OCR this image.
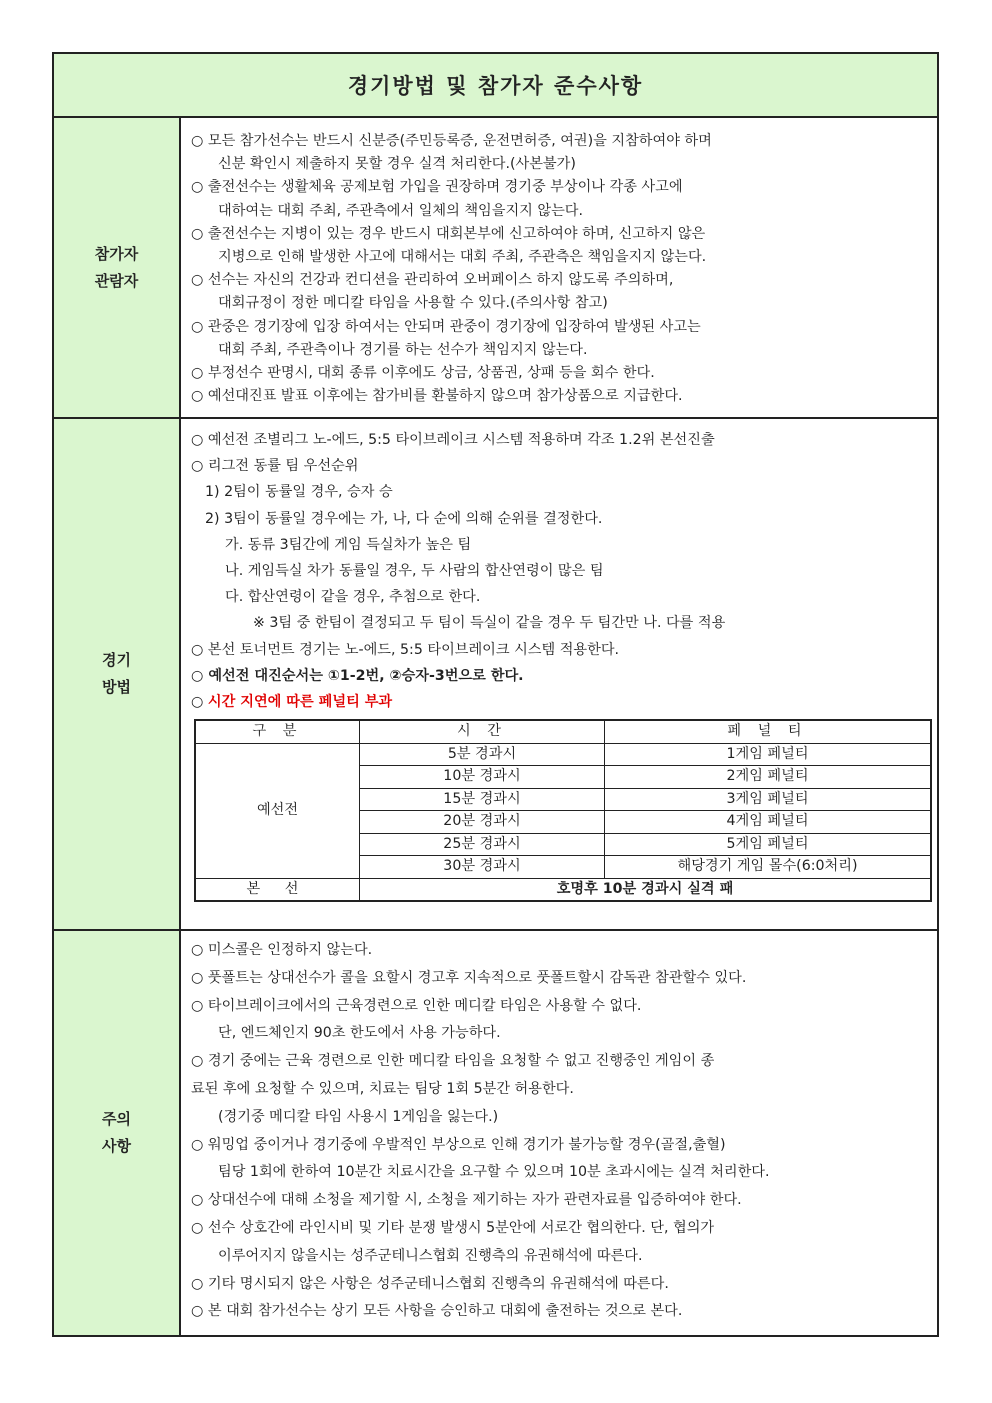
경기방법 및 참가자 준수사항
참가자
관람자
○ 모든 참가선수는 반드시 신분증(주민등록증, 운전면허증, 여권)을 지참하여야 하며
신분 확인시 제출하지 못할 경우 실격 처리한다.(사본불가)
○ 출전선수는 생활체육 공제보험 가입을 권장하며 경기중 부상이나 각종 사고에
대하여는 대회 주최, 주관측에서 일체의 책임을지지 않는다.
○ 출전선수는 지병이 있는 경우 반드시 대회본부에 신고하여야 하며, 신고하지 않은
지병으로 인해 발생한 사고에 대해서는 대회 주최, 주관측은 책임을지지 않는다.
○ 선수는 자신의 건강과 컨디션을 관리하여 오버페이스 하지 않도록 주의하며,
대회규정이 정한 메디칼 타임을 사용할 수 있다.(주의사항 참고)
○ 관중은 경기장에 입장 하여서는 안되며 관중이 경기장에 입장하여 발생된 사고는
대회 주최, 주관측이나 경기를 하는 선수가 책임지지 않는다.
○ 부정선수 판명시, 대회 종류 이후에도 상금, 상품권, 상패 등을 회수 한다.
○ 예선대진표 발표 이후에는 참가비를 환불하지 않으며 참가상품으로 지급한다.
경기
방법
○ 예선전 조별리그 노-에드, 5:5 타이브레이크 시스템 적용하며 각조 1.2위 본선진출
○ 리그전 동률 팀 우선순위
1) 2팀이 동률일 경우, 승자 승
2) 3팀이 동률일 경우에는 가, 나, 다 순에 의해 순위를 결정한다.
가. 동류 3팀간에 게임 득실차가 높은 팀
나. 게임득실 차가 동률일 경우, 두 사람의 합산연령이 많은 팀
다. 합산연령이 같을 경우, 추첨으로 한다.
※ 3팀 중 한팀이 결정되고 두 팀이 득실이 같을 경우 두 팀간만 나. 다를 적용
○ 본선 토너먼트 경기는 노-에드, 5:5 타이브레이크 시스템 적용한다.
○ 예선전 대진순서는 ①1-2번, ②승자-3번으로 한다.
○ 시간 지연에 따른 페널티 부과
구 분	시 간	페 널 티
예선전	5분 경과시	1게임 페널티
	10분 경과시	2게임 페널티
	15분 경과시	3게임 페널티
	20분 경과시	4게임 페널티
	25분 경과시	5게임 페널티
	30분 경과시	해당경기 게임 몰수(6:0처리)
본 선	호명후 10분 경과시 실격 패	
주의
사항
○ 미스콜은 인정하지 않는다.
○ 풋폴트는 상대선수가 콜을 요할시 경고후 지속적으로 풋폴트할시 감독관 참관할수 있다.
○ 타이브레이크에서의 근육경련으로 인한 메디칼 타임은 사용할 수 없다.
단, 엔드체인지 90초 한도에서 사용 가능하다.
○ 경기 중에는 근육 경련으로 인한 메디칼 타임을 요청할 수 없고 진행중인 게임이 종
료된 후에 요청할 수 있으며, 치료는 팀당 1회 5분간 허용한다.
(경기중 메디칼 타임 사용시 1게임을 잃는다.)
○ 워밍업 중이거나 경기중에 우발적인 부상으로 인해 경기가 불가능할 경우(골절,출혈)
팀당 1회에 한하여 10분간 치료시간을 요구할 수 있으며 10분 초과시에는 실격 처리한다.
○ 상대선수에 대해 소청을 제기할 시, 소청을 제기하는 자가 관련자료를 입증하여야 한다.
○ 선수 상호간에 라인시비 및 기타 분쟁 발생시 5분안에 서로간 협의한다. 단, 협의가
이루어지지 않을시는 성주군테니스협회 진행측의 유권해석에 따른다.
○ 기타 명시되지 않은 사항은 성주군테니스협회 진행측의 유권해석에 따른다.
○ 본 대회 참가선수는 상기 모든 사항을 승인하고 대회에 출전하는 것으로 본다.
